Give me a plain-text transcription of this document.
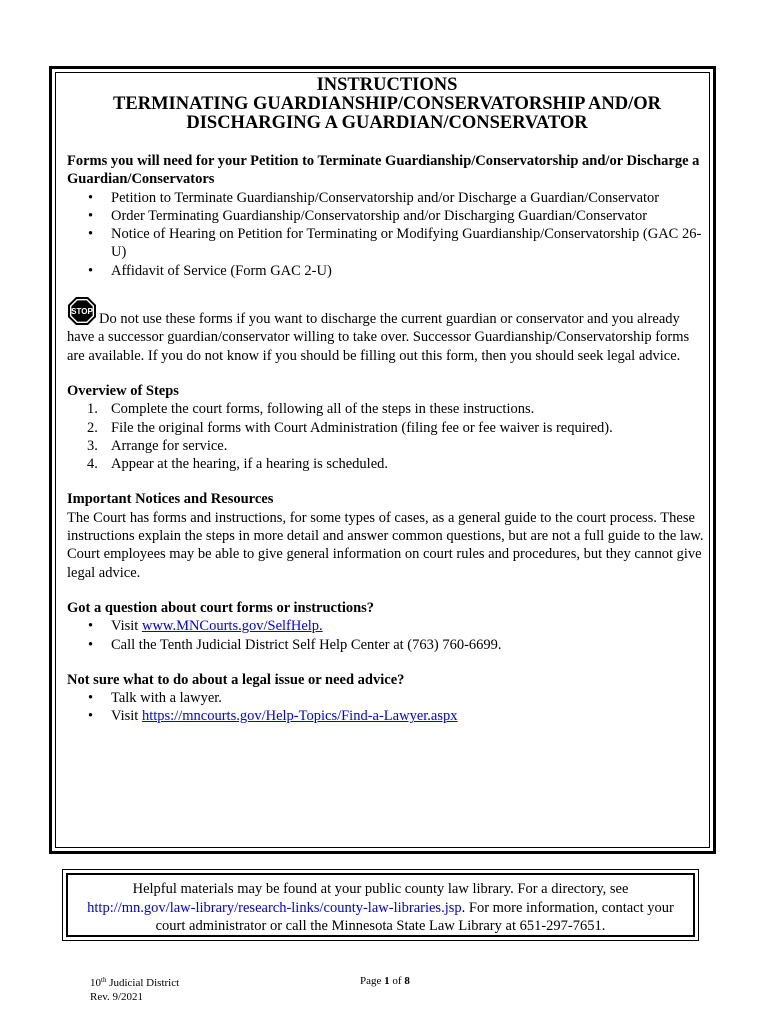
INSTRUCTIONS
TERMINATING GUARDIANSHIP/CONSERVATORSHIP AND/OR
DISCHARGING A GUARDIAN/CONSERVATOR

Forms you will need for your Petition to Terminate Guardianship/Conservatorship and/or Discharge a Guardian/Conservators

• Petition to Terminate Guardianship/Conservatorship and/or Discharge a Guardian/Conservator
• Order Terminating Guardianship/Conservatorship and/or Discharging Guardian/Conservator
• Notice of Hearing on Petition for Terminating or Modifying Guardianship/Conservatorship (GAC 26-U)
• Affidavit of Service (Form GAC 2-U)
STOP Do not use these forms if you want to discharge the current guardian or conservator and you already have a successor guardian/conservator willing to take over. Successor Guardianship/Conservatorship forms are available. If you do not know if you should be filling out this form, then you should seek legal advice.

Overview of Steps

1. Complete the court forms, following all of the steps in these instructions.
2. File the original forms with Court Administration (filing fee or fee waiver is required).
3. Arrange for service.
4. Appear at the hearing, if a hearing is scheduled.

Important Notices and Resources

The Court has forms and instructions, for some types of cases, as a general guide to the court process. These instructions explain the steps in more detail and answer common questions, but are not a full guide to the law. Court employees may be able to give general information on court rules and procedures, but they cannot give legal advice.

Got a question about court forms or instructions?

• Visit www.MNCourts.gov/SelfHelp.
• Call the Tenth Judicial District Self Help Center at (763) 760-6699.

Not sure what to do about a legal issue or need advice?

• Talk with a lawyer.
• Visit https://mncourts.gov/Help-Topics/Find-a-Lawyer.aspx
Helpful materials may be found at your public county law library. For a directory, see
http://mn.gov/law-library/research-links/county-law-libraries.jsp. For more information, contact your
court administrator or call the Minnesota State Law Library at 651-297-7651.
10th Judicial District
Rev. 9/2021
Page 1 of 8
